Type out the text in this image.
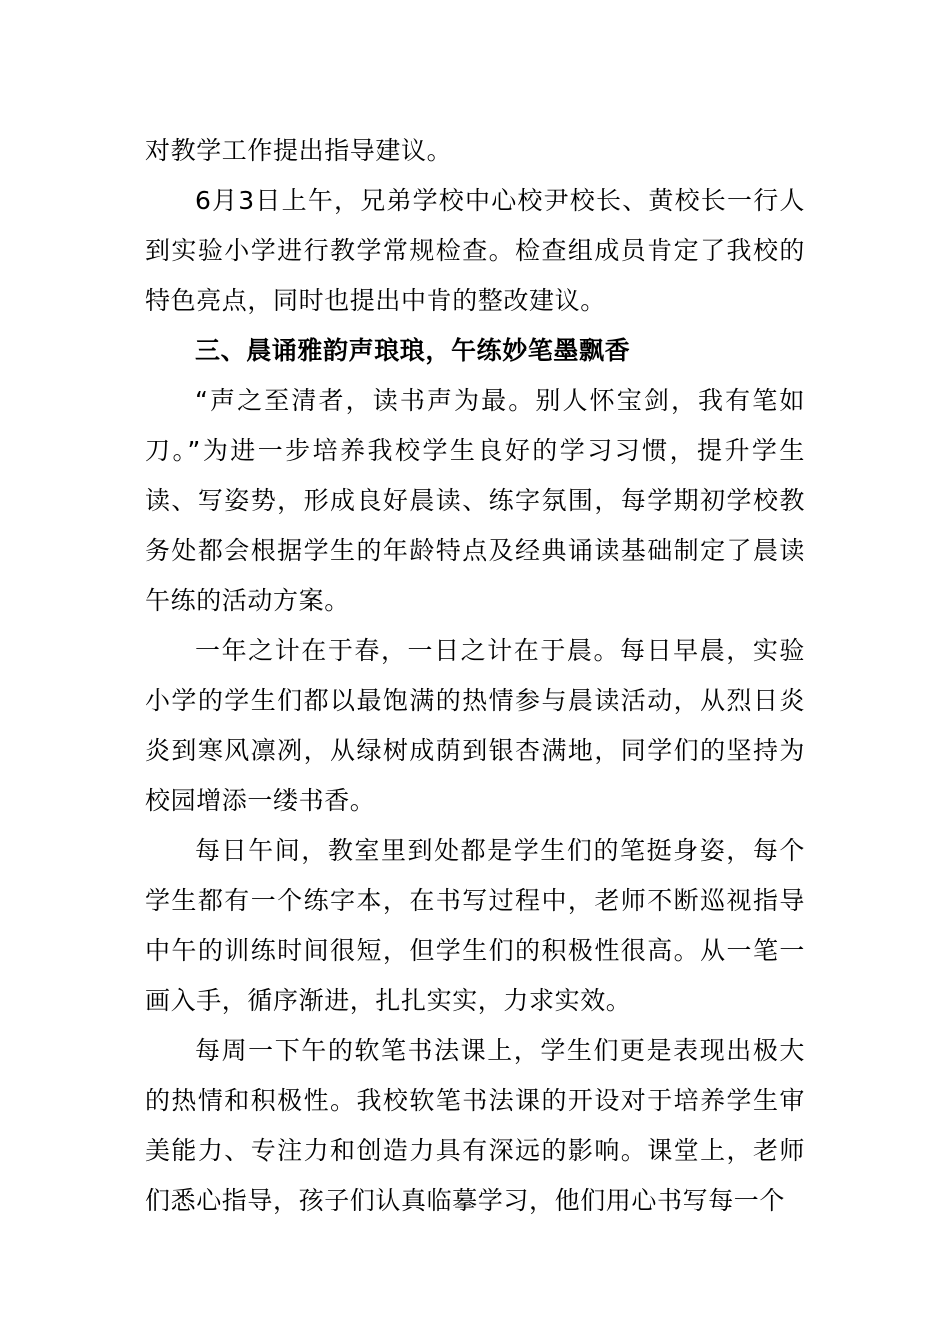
对教学工作提出指导建议。

6月3日上午，兄弟学校中心校尹校长、黄校长一行人到实验小学进行教学常规检查。检查组成员肯定了我校的特色亮点，同时也提出中肯的整改建议。

三、晨诵雅韵声琅琅，午练妙笔墨飘香

“声之至清者，读书声为最。别人怀宝剑，我有笔如刀。”为进一步培养我校学生良好的学习习惯，提升学生读、写姿势，形成良好晨读、练字氛围，每学期初学校教务处都会根据学生的年龄特点及经典诵读基础制定了晨读午练的活动方案。

一年之计在于春，一日之计在于晨。每日早晨，实验小学的学生们都以最饱满的热情参与晨读活动，从烈日炎炎到寒风凛冽，从绿树成荫到银杏满地，同学们的坚持为校园增添一缕书香。

每日午间，教室里到处都是学生们的笔挺身姿，每个学生都有一个练字本，在书写过程中，老师不断巡视指导中午的训练时间很短，但学生们的积极性很高。从一笔一画入手，循序渐进，扎扎实实，力求实效。

每周一下午的软笔书法课上，学生们更是表现出极大的热情和积极性。我校软笔书法课的开设对于培养学生审美能力、专注力和创造力具有深远的影响。课堂上，老师们悉心指导，孩子们认真临摹学习，他们用心书写每一个
